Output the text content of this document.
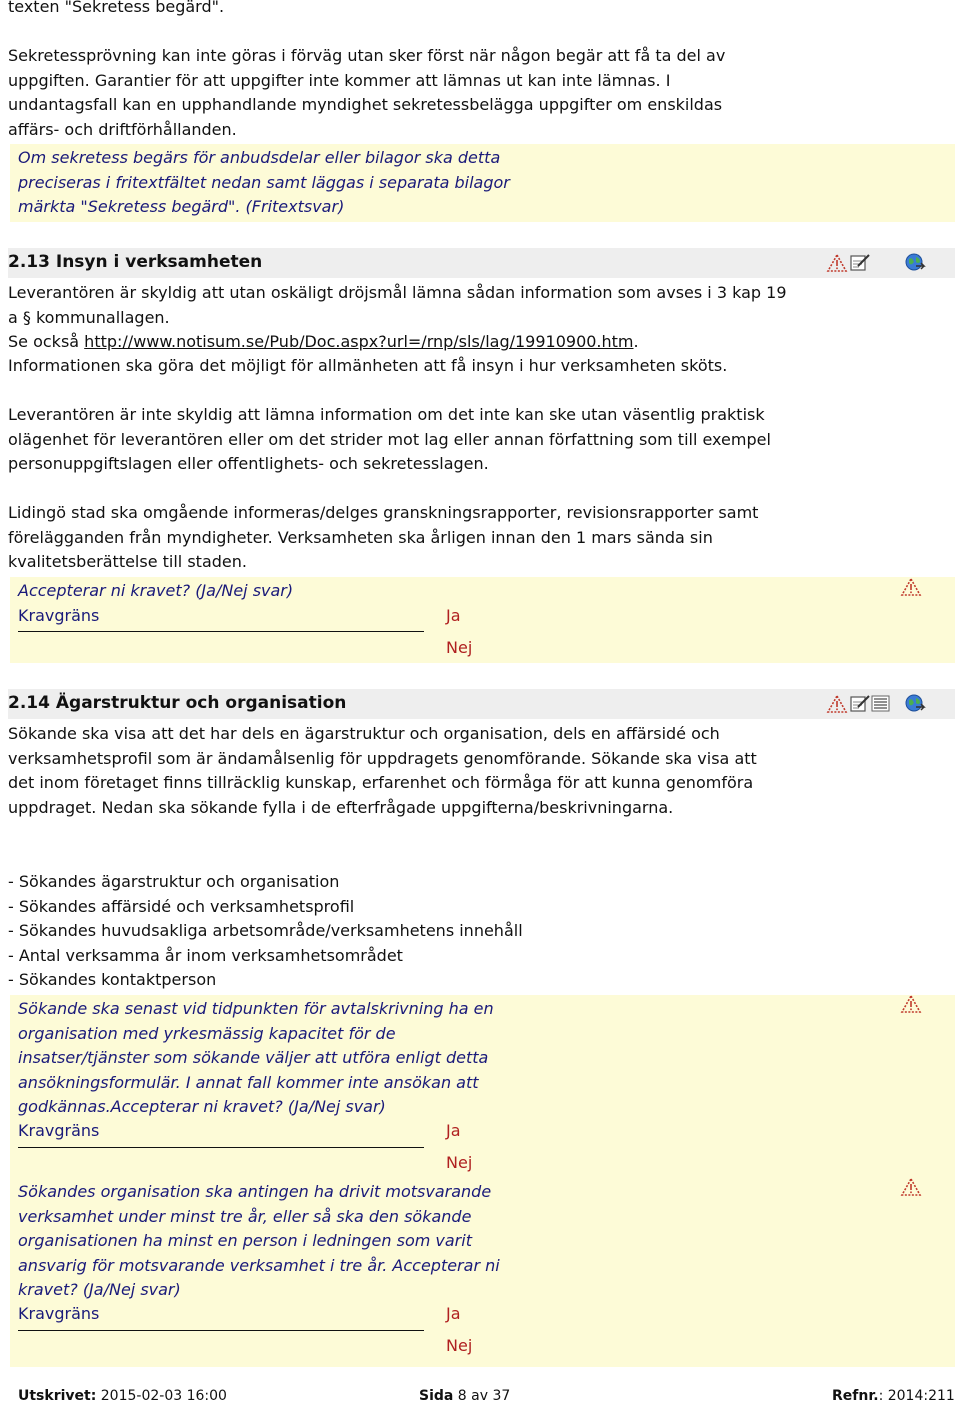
texten "Sekretess begärd".

Sekretessprövning kan inte göras i förväg utan sker först när någon begär att få ta del av uppgiften. Garantier för att uppgifter inte kommer att lämnas ut kan inte lämnas. I undantagsfall kan en upphandlande myndighet sekretessbelägga uppgifter om enskildas affärs- och driftförhållanden.

Om sekretess begärs för anbudsdelar eller bilagor ska detta preciseras i fritextfältet nedan samt läggas i separata bilagor märkta "Sekretess begärd". (Fritextsvar)
2.13 Insyn i verksamheten

Leverantören är skyldig att utan oskäligt dröjsmål lämna sådan information som avses i 3 kap 19 a § kommunallagen.

Se också http://www.notisum.se/Pub/Doc.aspx?url=/rnp/sls/lag/19910900.htm.

Informationen ska göra det möjligt för allmänheten att få insyn i hur verksamheten sköts.

Leverantören är inte skyldig att lämna information om det inte kan ske utan väsentlig praktisk olägenhet för leverantören eller om det strider mot lag eller annan författning som till exempel personuppgiftslagen eller offentlighets- och sekretesslagen.

Lidingö stad ska omgående informeras/delges granskningsrapporter, revisionsrapporter samt förelägganden från myndigheter. Verksamheten ska årligen innan den 1 mars sända sin kvalitetsberättelse till staden.

Accepterar ni kravet? (Ja/Nej svar)
Kravgräns	Ja
Nej
2.14 Ägarstruktur och organisation

Sökande ska visa att det har dels en ägarstruktur och organisation, dels en affärsidé och verksamhetsprofil som är ändamålsenlig för uppdragets genomförande. Sökande ska visa att det inom företaget finns tillräcklig kunskap, erfarenhet och förmåga för att kunna genomföra uppdraget. Nedan ska sökande fylla i de efterfrågade uppgifterna/beskrivningarna.

- Sökandes ägarstruktur och organisation
- Sökandes affärsidé och verksamhetsprofil
- Sökandes huvudsakliga arbetsområde/verksamhetens innehåll
- Antal verksamma år inom verksamhetsområdet
- Sökandes kontaktperson
Sökande ska senast vid tidpunkten för avtalskrivning ha en organisation med yrkesmässig kapacitet för de insatser/tjänster som sökande väljer att utföra enligt detta ansökningsformulär. I annat fall kommer inte ansökan att godkännas.Accepterar ni kravet? (Ja/Nej svar)
Kravgräns	Ja
Nej
Sökandes organisation ska antingen ha drivit motsvarande verksamhet under minst tre år, eller så ska den sökande organisationen ha minst en person i ledningen som varit ansvarig för motsvarande verksamhet i tre år. Accepterar ni kravet? (Ja/Nej svar)
Kravgräns	Ja
Nej
Utskrivet: 2015-02-03 16:00	Sida 8 av 37	Refnr.: 2014:211
